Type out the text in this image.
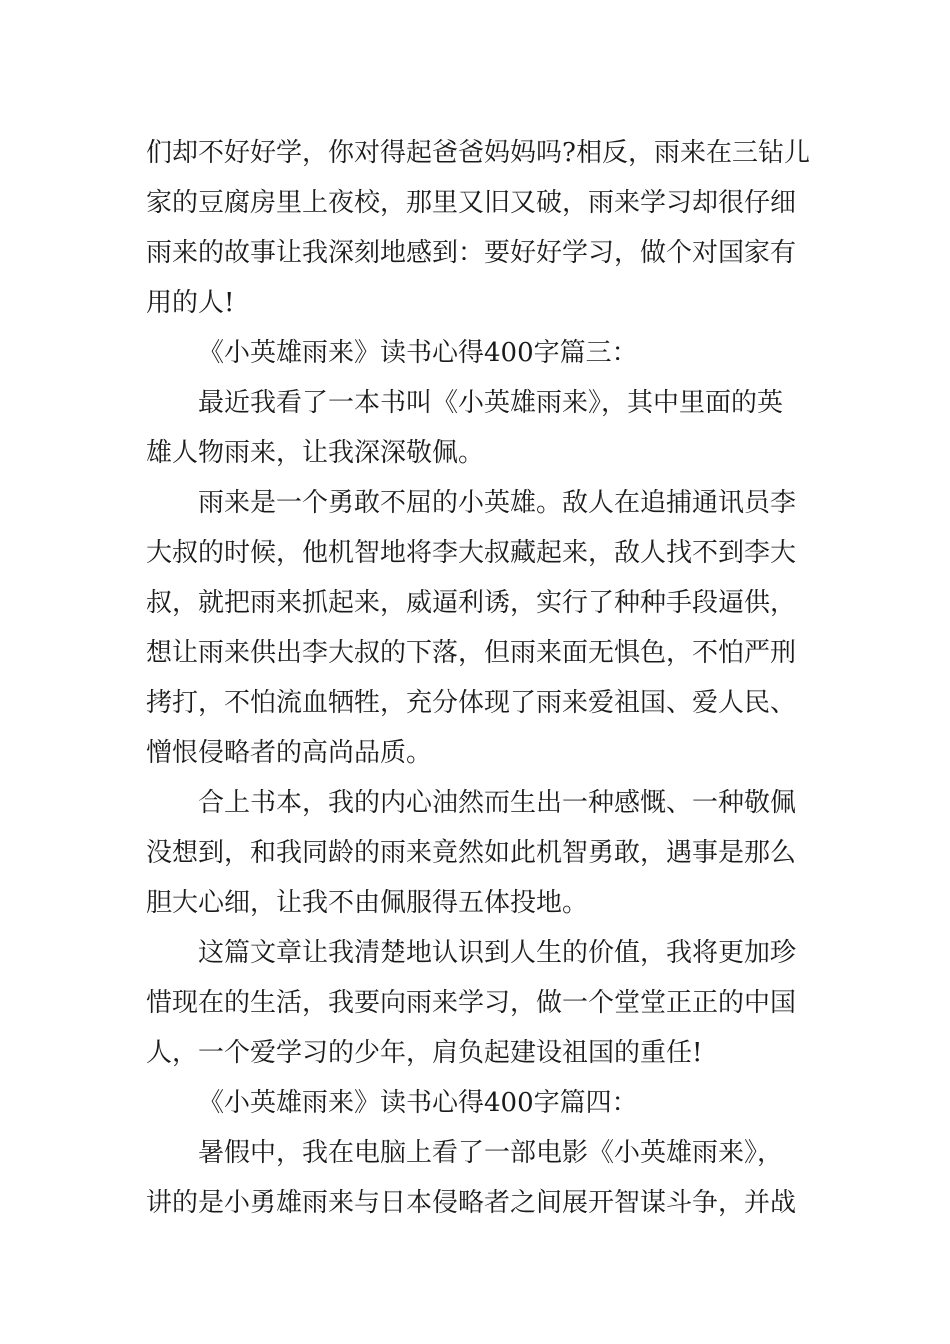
们却不好好学，你对得起爸爸妈妈吗?相反，雨来在三钻儿
家的豆腐房里上夜校，那里又旧又破，雨来学习却很仔细
雨来的故事让我深刻地感到：要好好学习，做个对国家有
用的人!
《小英雄雨来》读书心得400字篇三：
最近我看了一本书叫《小英雄雨来》，其中里面的英
雄人物雨来，让我深深敬佩。
雨来是一个勇敢不屈的小英雄。敌人在追捕通讯员李
大叔的时候，他机智地将李大叔藏起来，敌人找不到李大
叔，就把雨来抓起来，威逼利诱，实行了种种手段逼供，
想让雨来供出李大叔的下落，但雨来面无惧色，不怕严刑
拷打，不怕流血牺牲，充分体现了雨来爱祖国、爱人民、
憎恨侵略者的高尚品质。
合上书本，我的内心油然而生出一种感慨、一种敬佩
没想到，和我同龄的雨来竟然如此机智勇敢，遇事是那么
胆大心细，让我不由佩服得五体投地。
这篇文章让我清楚地认识到人生的价值，我将更加珍
惜现在的生活，我要向雨来学习，做一个堂堂正正的中国
人，一个爱学习的少年，肩负起建设祖国的重任!
《小英雄雨来》读书心得400字篇四：
暑假中，我在电脑上看了一部电影《小英雄雨来》，
讲的是小勇雄雨来与日本侵略者之间展开智谋斗争，并战
